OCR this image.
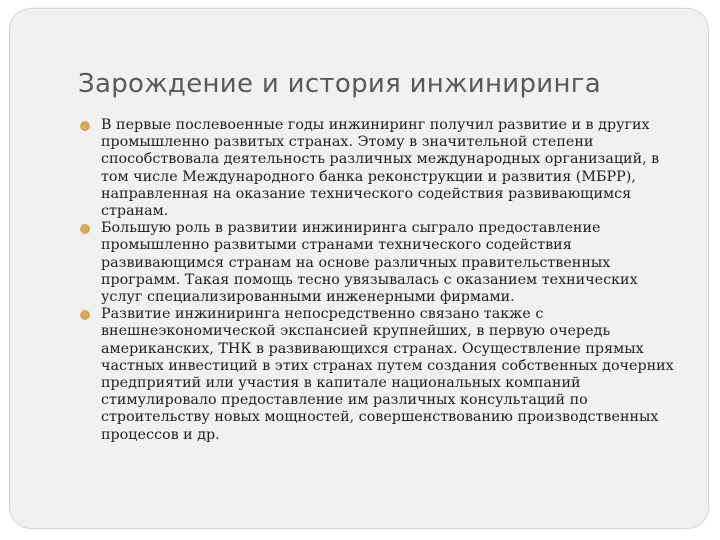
Зарождение и история инжиниринга
В первые послевоенные годы инжиниринг получил развитие и в других промышленно развитых странах. Этому в значительной степени способствовала деятельность различных международных организаций, в том числе Международного банка реконструкции и развития (МБРР), направленная на оказание технического содействия развивающимся странам.
Большую роль в развитии инжиниринга сыграло предоставление промышленно развитыми странами технического содействия развивающимся странам на основе различных правительственных программ. Такая помощь тесно увязывалась с оказанием технических услуг специализированными инженерными фирмами.
Развитие инжиниринга непосредственно связано также с внешнеэкономической экспансией крупнейших, в первую очередь американских, ТНК в развивающихся странах. Осуществление прямых частных инвестиций в этих странах путем создания собственных дочерних предприятий или участия в капитале национальных компаний стимулировало предоставление им различных консультаций по строительству новых мощностей, совершенствованию производственных процессов и др.
